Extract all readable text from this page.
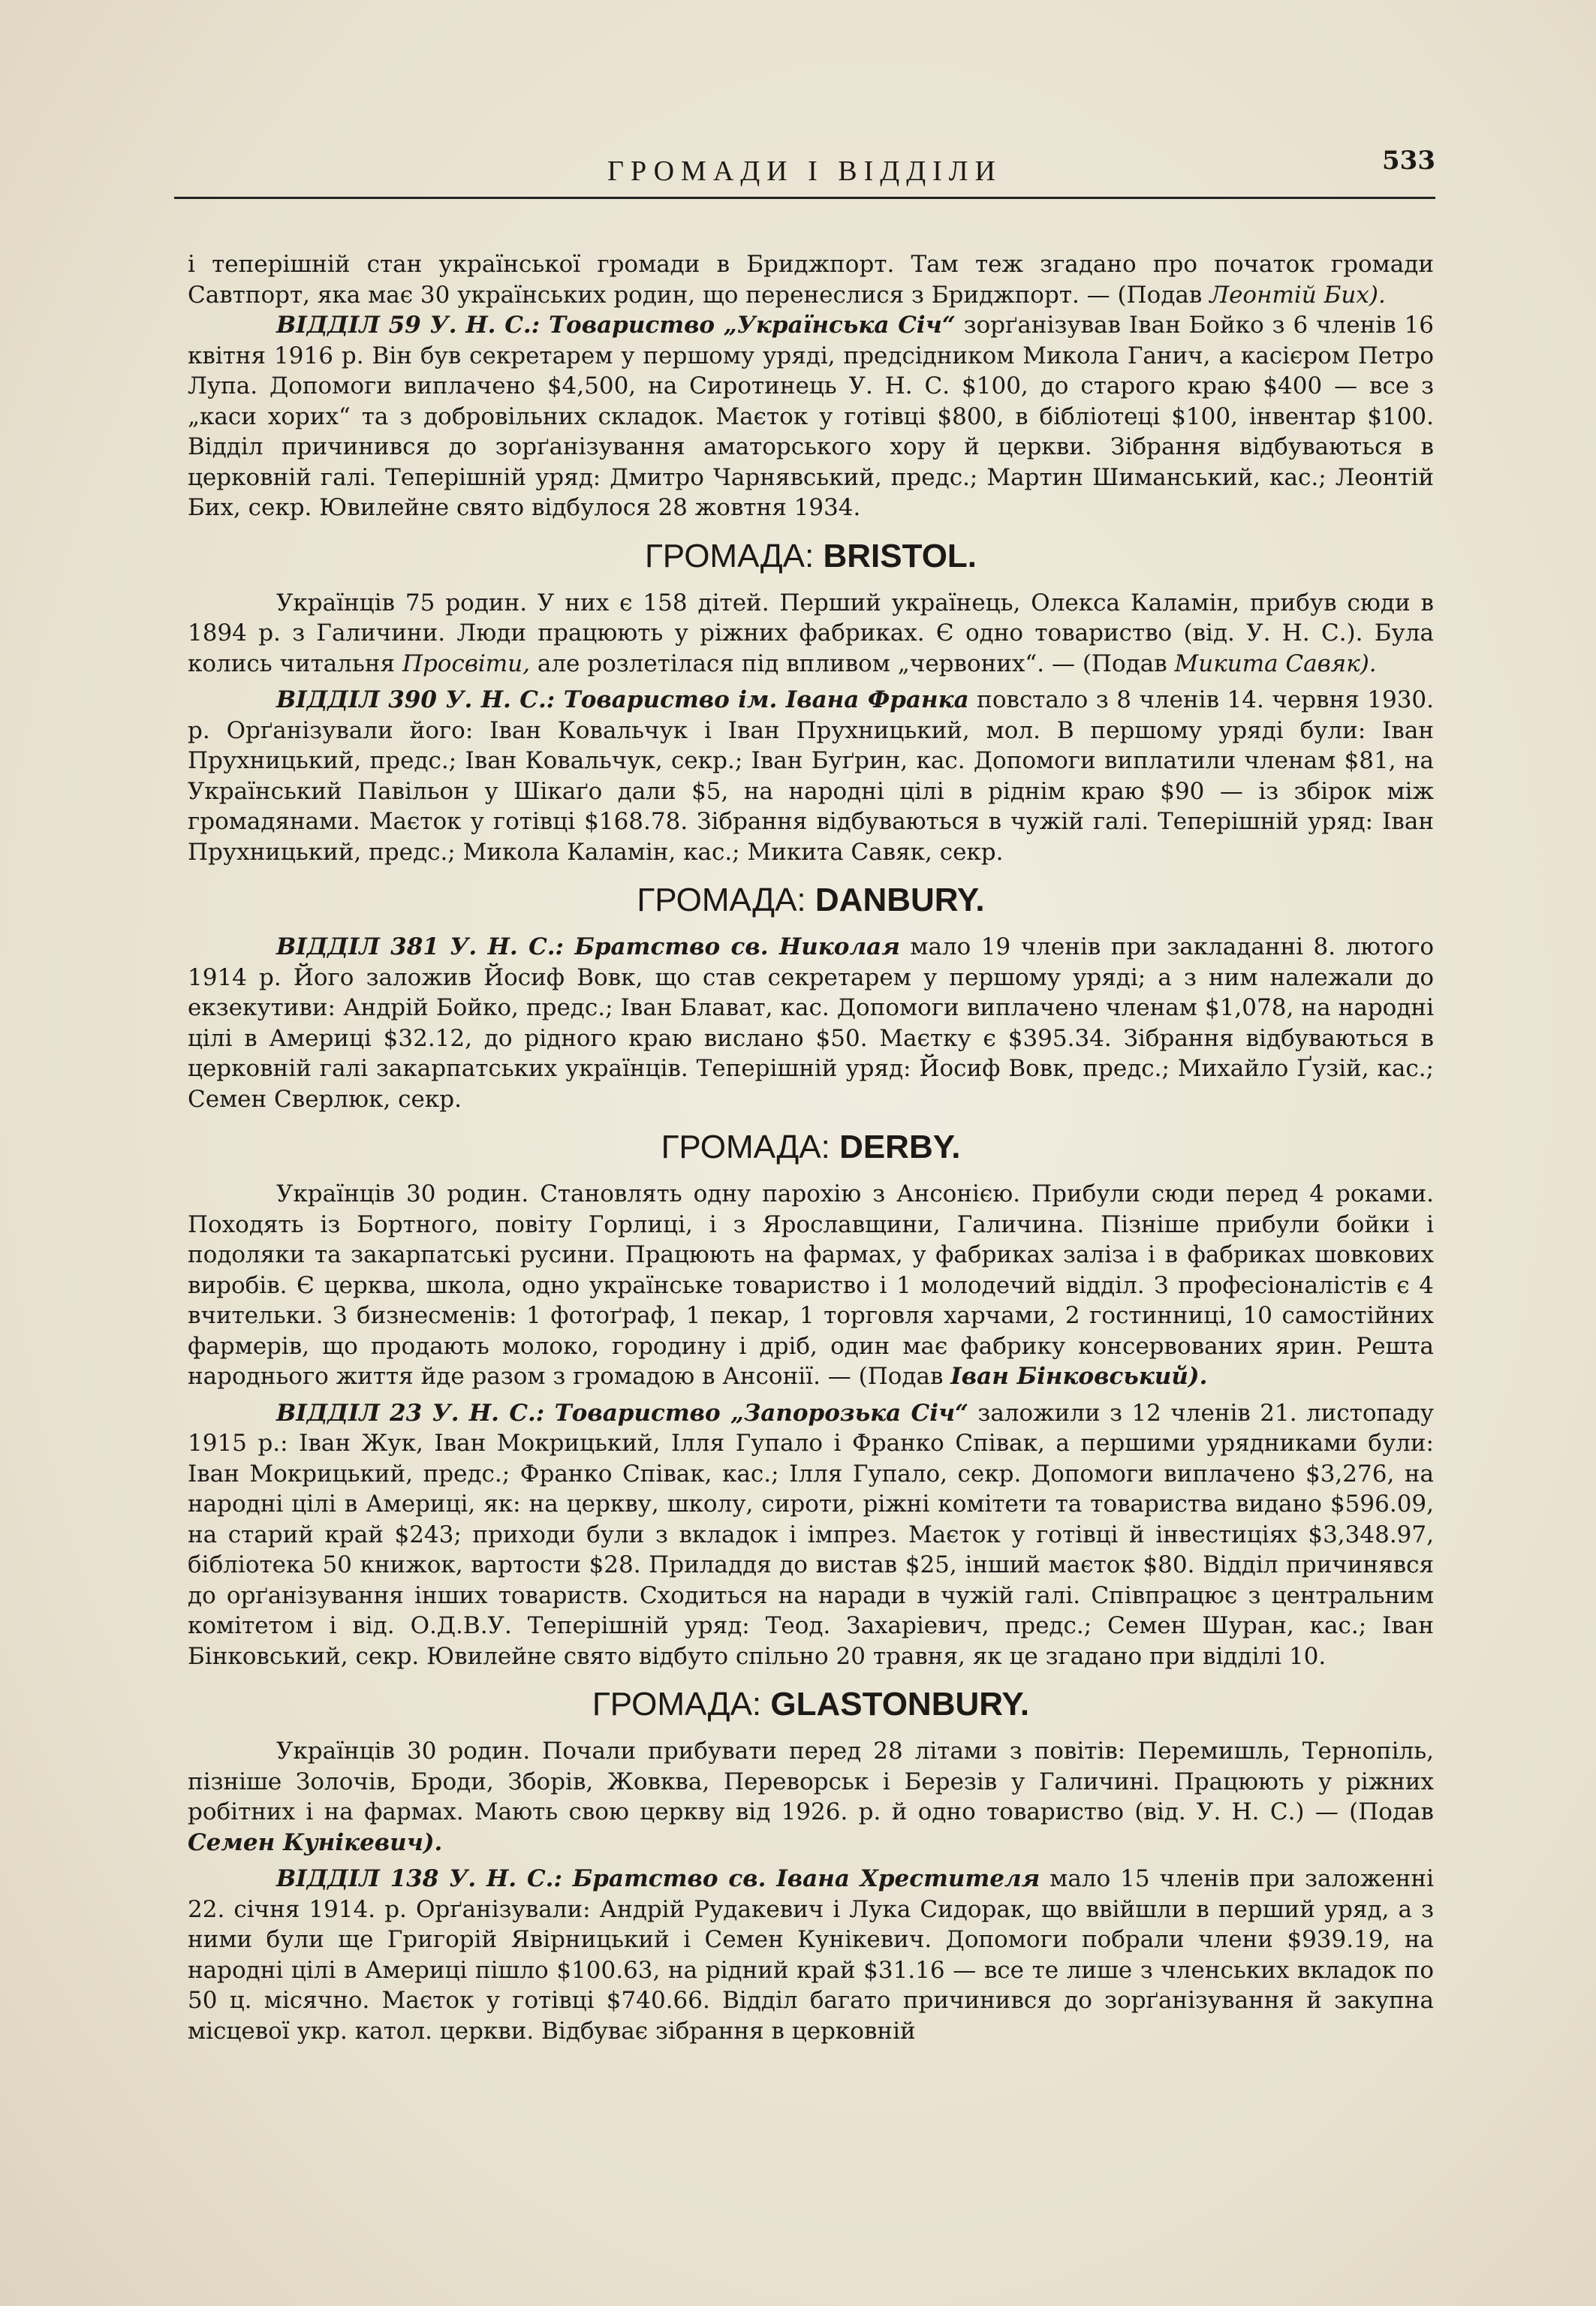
ГРОМАДИ І ВІДДІЛИ	533

і теперішній стан української громади в Бриджпорт. Там теж згадано про початок громади Савтпорт, яка має 30 українських родин, що перенеслися з Бриджпорт. — (Подав Леонтій Бих).

ВІДДІЛ 59 У. Н. С.: Товариство „Українська Січ“ зорґанізував Іван Бойко з 6 членів 16 квітня 1916 р. Він був секретарем у першому уряді, предсідником Микола Ганич, а касієром Петро Лупа. Допомоги виплачено $4,500, на Сиротинець У. Н. С. $100, до старого краю $400 — все з „каси хорих“ та з добровільних складок. Маєток у готівці $800, в бібліотеці $100, інвентар $100. Відділ причинився до зорґанізування аматорського хору й церкви. Зібрання відбуваються в церковній галі. Теперішній уряд: Дмитро Чарнявський, предс.; Мартин Шиманський, кас.; Леонтій Бих, секр. Ювилейне свято відбулося 28 жовтня 1934.

ГРОМАДА: BRISTOL.

Українців 75 родин. У них є 158 дітей. Перший українець, Олекса Каламін, прибув сюди в 1894 р. з Галичини. Люди працюють у ріжних фабриках. Є одно товариство (від. У. Н. С.). Була колись читальня Просвіти, але розлетілася під впливом „червоних“. — (Подав Микита Савяк).

ВІДДІЛ 390 У. Н. С.: Товариство ім. Івана Франка повстало з 8 членів 14. червня 1930. р. Орґанізували його: Іван Ковальчук і Іван Прухницький, мол. В першому уряді були: Іван Прухницький, предс.; Іван Ковальчук, секр.; Іван Буґрин, кас. Допомоги виплатили членам $81, на Український Павільон у Шікаґо дали $5, на народні цілі в ріднім краю $90 — із збірок між громадянами. Маєток у готівці $168.78. Зібрання відбуваються в чужій галі. Теперішній уряд: Іван Прухницький, предс.; Микола Каламін, кас.; Микита Савяк, секр.

ГРОМАДА: DANBURY.

ВІДДІЛ 381 У. Н. С.: Братство св. Николая мало 19 членів при закладанні 8. лютого 1914 р. Його заложив Йосиф Вовк, що став секретарем у першому уряді; а з ним належали до екзекутиви: Андрій Бойко, предс.; Іван Блават, кас. Допомоги виплачено членам $1,078, на народні цілі в Америці $32.12, до рідного краю вислано $50. Маєтку є $395.34. Зібрання відбуваються в церковній галі закарпатських українців. Теперішній уряд: Йосиф Вовк, предс.; Михайло Ґузій, кас.; Семен Сверлюк, секр.

ГРОМАДА: DERBY.

Українців 30 родин. Становлять одну парохію з Ансонією. Прибули сюди перед 4 роками. Походять із Бортного, повіту Горлиці, і з Ярославщини, Галичина. Пізніше прибули бойки і подоляки та закарпатські русини. Працюють на фармах, у фабриках заліза і в фабриках шовкових виробів. Є церква, школа, одно українське товариство і 1 молодечий відділ. З професіоналістів є 4 вчительки. З бизнесменів: 1 фотоґраф, 1 пекар, 1 торговля харчами, 2 гостинниці, 10 самостійних фармерів, що продають молоко, городину і дріб, один має фабрику консервованих ярин. Решта народнього життя йде разом з громадою в Ансонії. — (Подав Іван Бінковський).

ВІДДІЛ 23 У. Н. С.: Товариство „Запорозька Січ“ заложили з 12 членів 21. листопаду 1915 р.: Іван Жук, Іван Мокрицький, Ілля Гупало і Франко Співак, а першими урядниками були: Іван Мокрицький, предс.; Франко Співак, кас.; Ілля Гупало, секр. Допомоги виплачено $3,276, на народні цілі в Америці, як: на церкву, школу, сироти, ріжні комітети та товариства видано $596.09, на старий край $243; приходи були з вкладок і імпрез. Маєток у готівці й інвестиціях $3,348.97, бібліотека 50 книжок, вартости $28. Приладдя до вистав $25, інший маєток $80. Відділ причинявся до орґанізування інших товариств. Сходиться на наради в чужій галі. Співпрацює з центральним комітетом і від. О.Д.В.У. Теперішній уряд: Теод. Захаріевич, предс.; Семен Шуран, кас.; Іван Бінковський, секр. Ювилейне свято відбуто спільно 20 травня, як це згадано при відділі 10.

ГРОМАДА: GLASTONBURY.

Українців 30 родин. Почали прибувати перед 28 літами з повітів: Перемишль, Тернопіль, пізніше Золочів, Броди, Зборів, Жовква, Переворськ і Березів у Галичині. Працюють у ріжних робітних і на фармах. Мають свою церкву від 1926. р. й одно товариство (від. У. Н. С.) — (Подав Семен Кунікевич).

ВІДДІЛ 138 У. Н. С.: Братство св. Івана Хрестителя мало 15 членів при заложенні 22. січня 1914. р. Орґанізували: Андрій Рудакевич і Лука Сидорак, що ввійшли в перший уряд, а з ними були ще Григорій Явірницький і Семен Кунікевич. Допомоги побрали члени $939.19, на народні цілі в Америці пішло $100.63, на рідний край $31.16 — все те лише з членських вкладок по 50 ц. місячно. Маєток у готівці $740.66. Відділ багато причинився до зорґанізування й закупна місцевої укр. катол. церкви. Відбуває зібрання в церковній
